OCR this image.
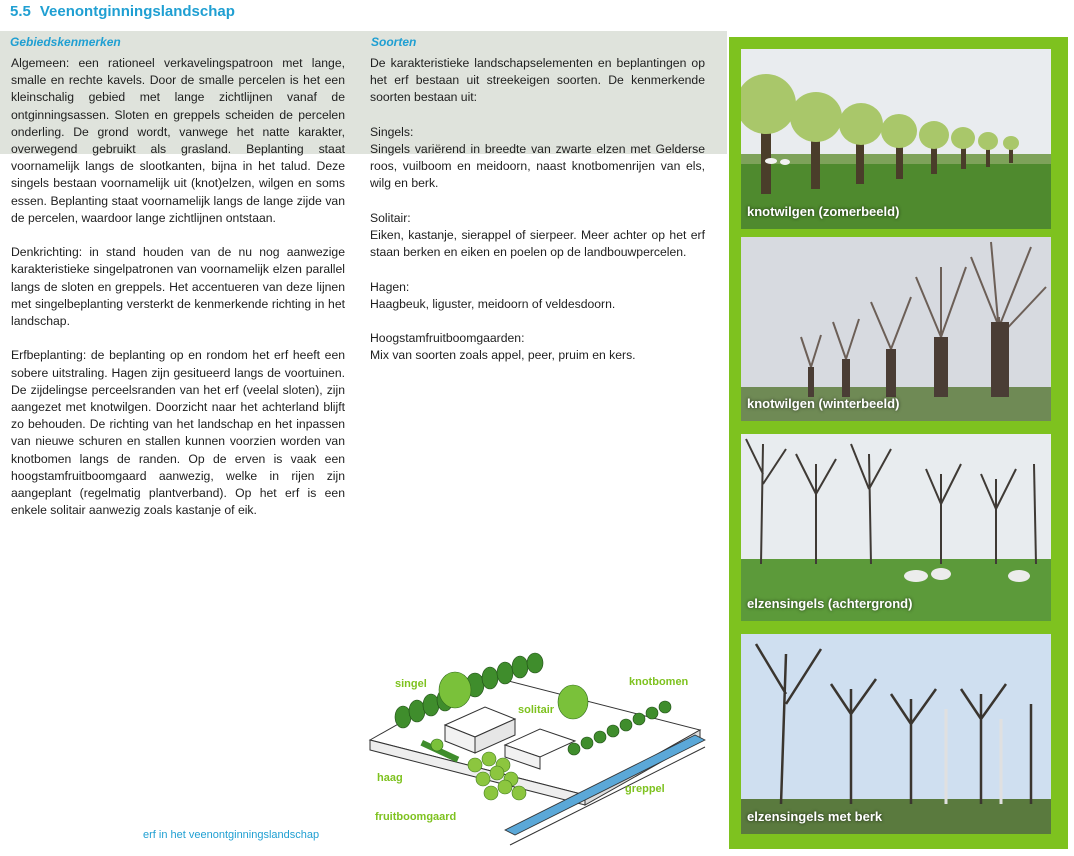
5.5 Veenontginningslandschap
Gebiedskenmerken

Algemeen: een rationeel verkavelingspatroon met lange, smalle en rechte kavels. Door de smalle percelen is het een kleinschalig gebied met lange zichtlijnen vanaf de ontginningsassen. Sloten en greppels scheiden de percelen onderling. De grond wordt, vanwege het natte karakter, overwegend gebruikt als grasland. Beplanting staat voornamelijk langs de slootkanten, bijna in het talud. Deze singels bestaan voornamelijk uit (knot)elzen, wilgen en soms essen. Beplanting staat voornamelijk langs de lange zijde van de percelen, waardoor lange zichtlijnen ontstaan.

Denkrichting: in stand houden van de nu nog aanwezige karakteristieke singelpatronen van voornamelijk elzen parallel langs de sloten en greppels. Het accentueren van deze lijnen met singelbeplanting versterkt de kenmerkende richting in het landschap.

Erfbeplanting: de beplanting op en rondom het erf heeft een sobere uitstraling. Hagen zijn gesitueerd langs de voortuinen. De zijdelingse perceelsranden van het erf (veelal sloten), zijn aangezet met knotwilgen. Doorzicht naar het achterland blijft zo behouden. De richting van het landschap en het inpassen van nieuwe schuren en stallen kunnen voorzien worden van knotbomen langs de randen. Op de erven is vaak een hoogstamfruitboomgaard aanwezig, welke in rijen zijn aangeplant (regelmatig plantverband). Op het erf is een enkele solitair aanwezig zoals kastanje of eik.

erf in het veenontginningslandschap
Soorten

De karakteristieke landschapselementen en beplantingen op het erf bestaan uit streekeigen soorten. De kenmerkende soorten bestaan uit:

Singels:

Singels variërend in breedte van zwarte elzen met Gelderse roos, vuilboom en meidoorn, naast knotbomenrijen van els, wilg en berk.

Solitair:

Eiken, kastanje, sierappel of sierpeer. Meer achter op het erf staan berken en eiken en poelen op de landbouwpercelen.

Hagen:

Haagbeuk, liguster, meidoorn of veldesdoorn.

Hoogstamfruitboomgaarden:

Mix van soorten zoals appel, peer, pruim en kers.

singel
solitair
knotbomen
haag
greppel
fruitboomgaard
knotwilgen (zomerbeeld)
knotwilgen (winterbeeld)
elzensingels (achtergrond)
elzensingels met berk
